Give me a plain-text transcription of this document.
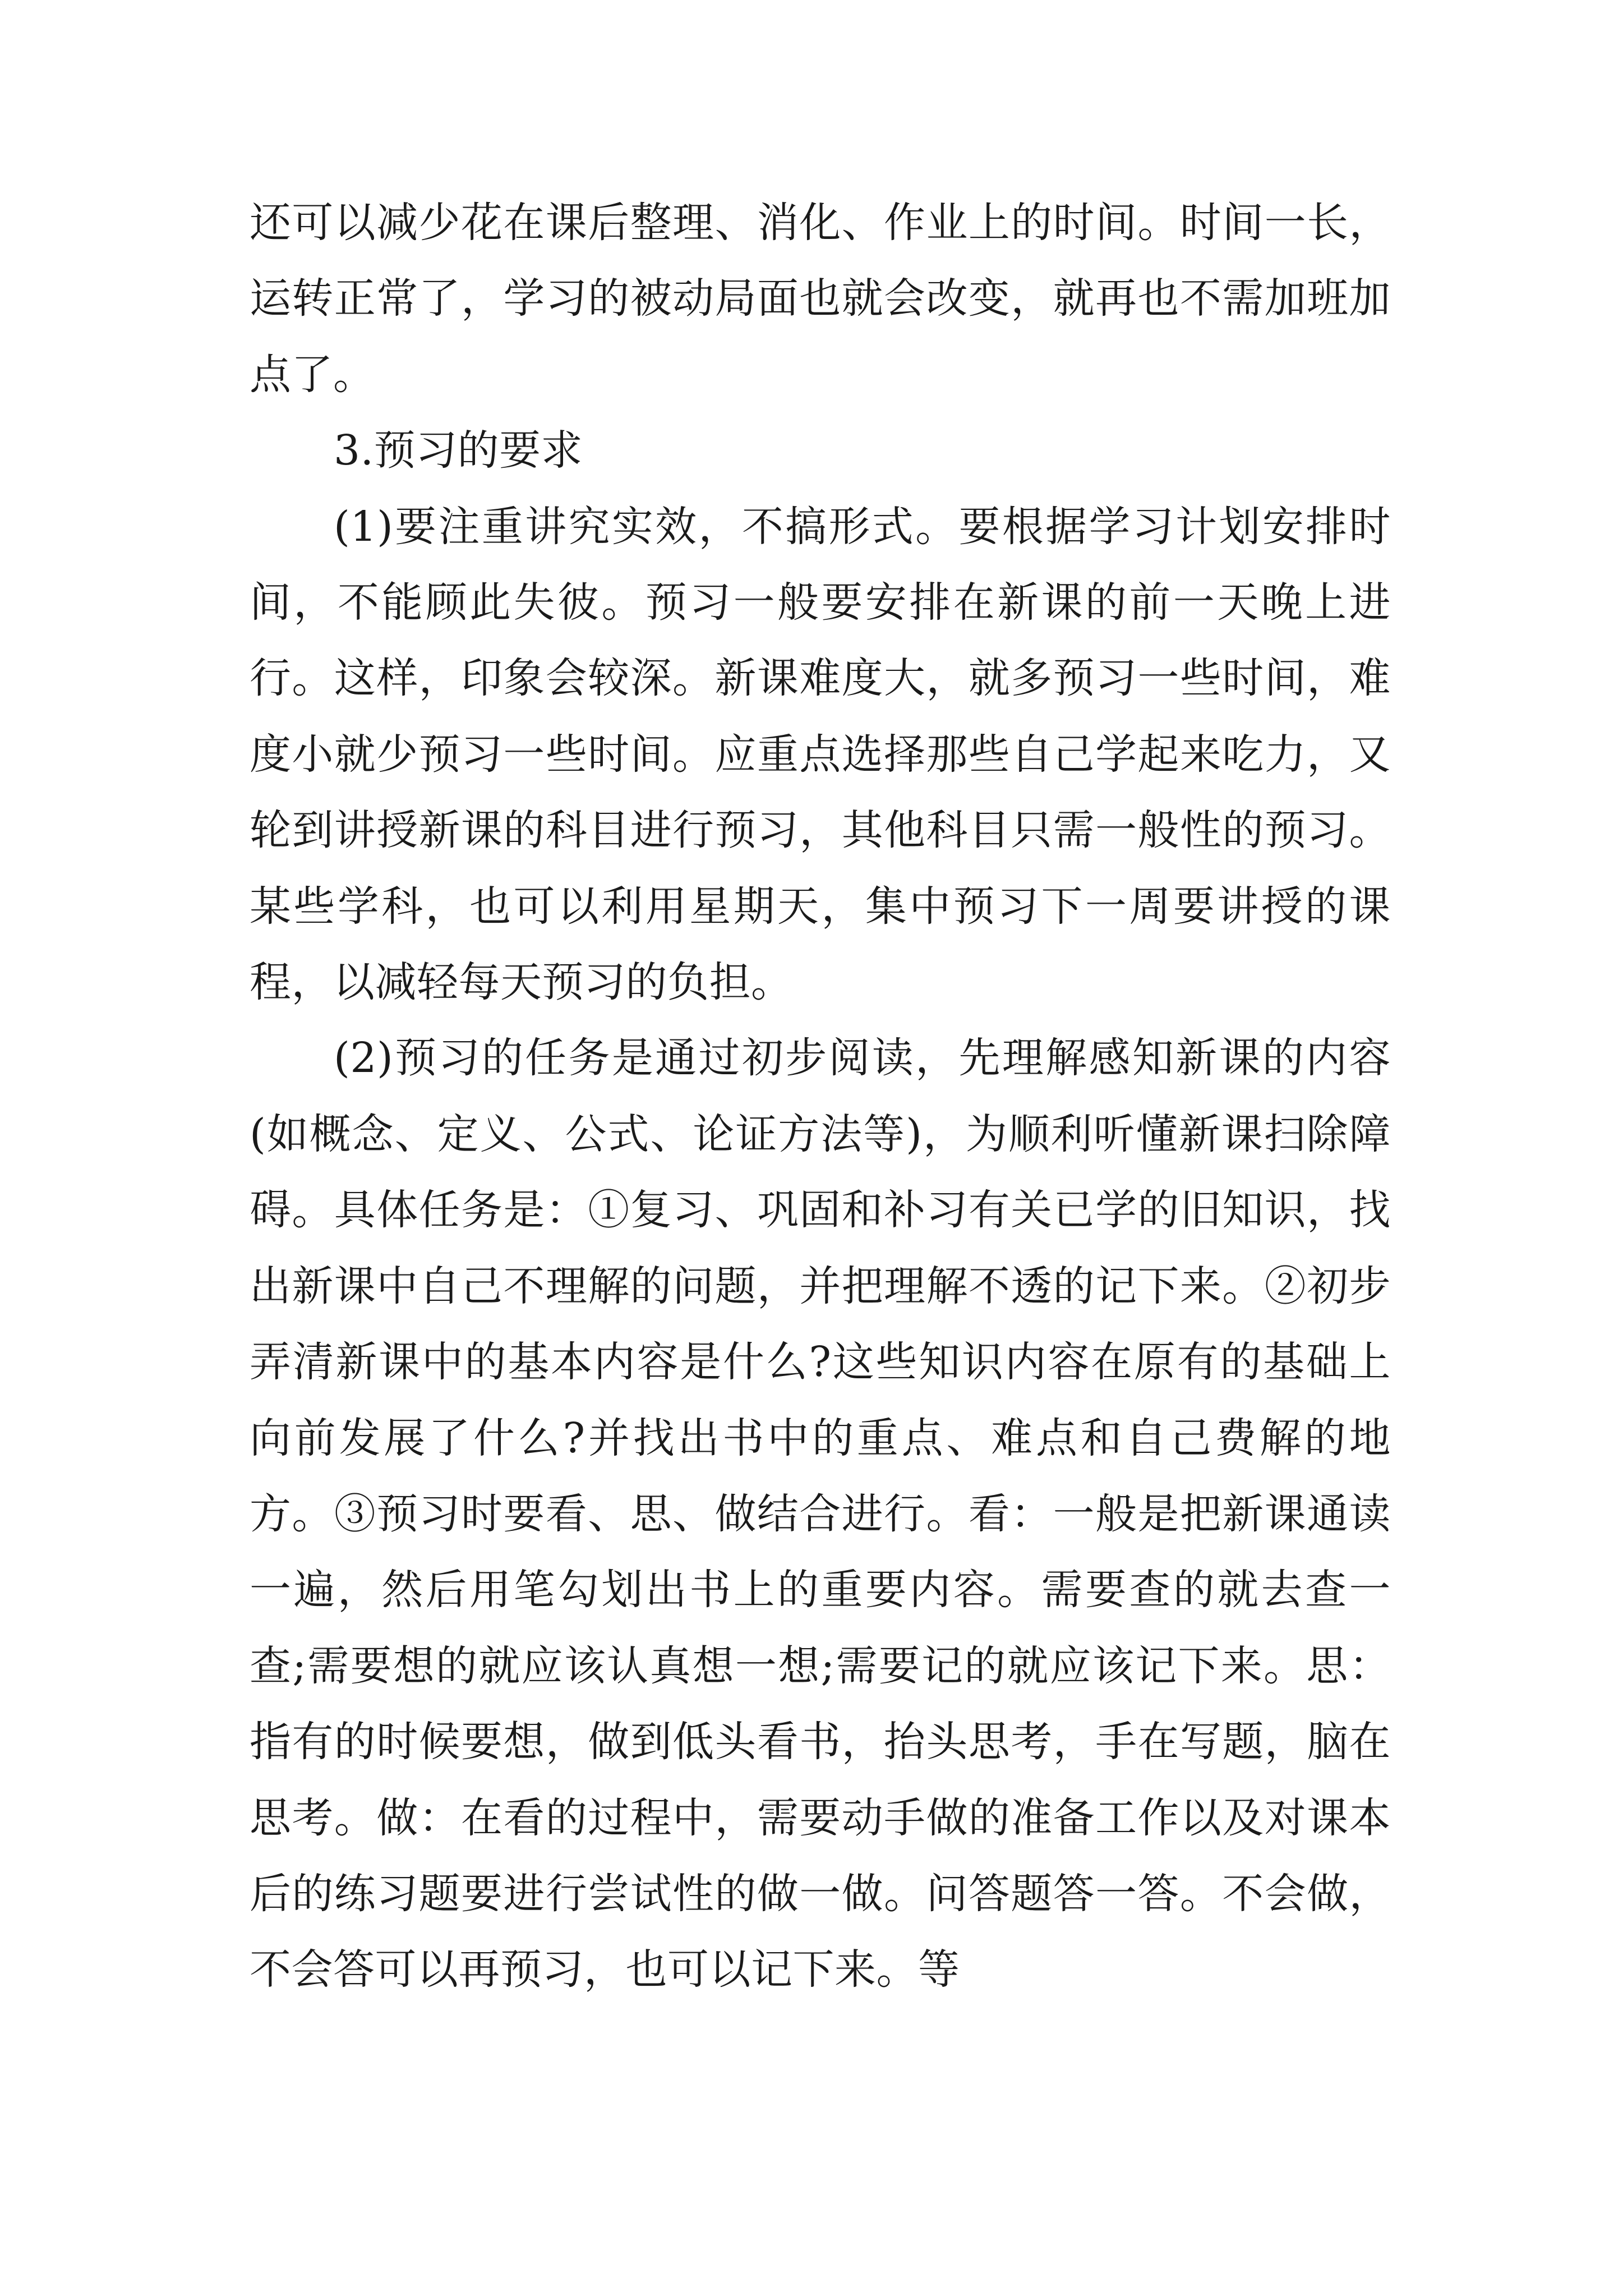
还可以减少花在课后整理、消化、作业上的时间。时间一长，运转正常了，学习的被动局面也就会改变，就再也不需加班加点了。

3.预习的要求

(1)要注重讲究实效，不搞形式。要根据学习计划安排时间，不能顾此失彼。预习一般要安排在新课的前一天晚上进行。这样，印象会较深。新课难度大，就多预习一些时间，难度小就少预习一些时间。应重点选择那些自己学起来吃力，又轮到讲授新课的科目进行预习，其他科目只需一般性的预习。某些学科，也可以利用星期天，集中预习下一周要讲授的课程，以减轻每天预习的负担。

(2)预习的任务是通过初步阅读，先理解感知新课的内容(如概念、定义、公式、论证方法等)，为顺利听懂新课扫除障碍。具体任务是：①复习、巩固和补习有关已学的旧知识，找出新课中自己不理解的问题，并把理解不透的记下来。②初步弄清新课中的基本内容是什么?这些知识内容在原有的基础上向前发展了什么?并找出书中的重点、难点和自己费解的地方。③预习时要看、思、做结合进行。看：一般是把新课通读一遍，然后用笔勾划出书上的重要内容。需要查的就去查一查;需要想的就应该认真想一想;需要记的就应该记下来。思：指有的时候要想，做到低头看书，抬头思考，手在写题，脑在思考。做：在看的过程中，需要动手做的准备工作以及对课本后的练习题要进行尝试性的做一做。问答题答一答。不会做，不会答可以再预习，也可以记下来。等
